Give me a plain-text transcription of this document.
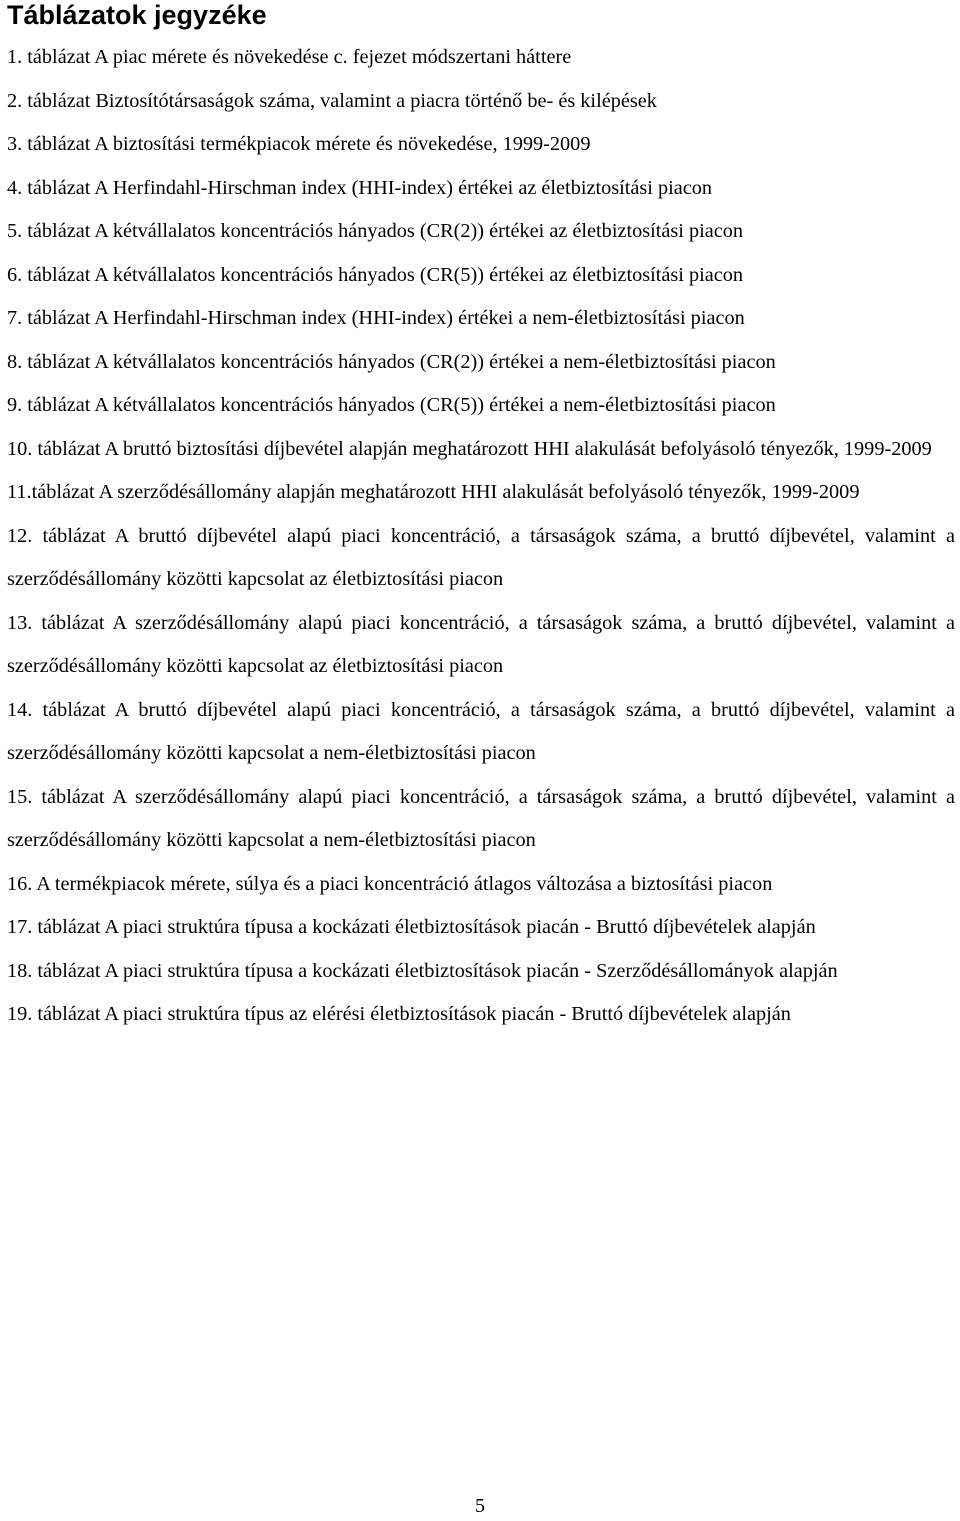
Táblázatok jegyzéke
1. táblázat A piac mérete és növekedése c. fejezet módszertani háttere
2. táblázat Biztosítótársaságok száma, valamint a piacra történő be- és kilépések
3. táblázat A biztosítási termékpiacok mérete és növekedése, 1999-2009
4. táblázat A Herfindahl-Hirschman index (HHI-index) értékei az életbiztosítási piacon
5. táblázat A kétvállalatos koncentrációs hányados (CR(2)) értékei az életbiztosítási piacon
6. táblázat A kétvállalatos koncentrációs hányados (CR(5)) értékei az életbiztosítási piacon
7. táblázat A Herfindahl-Hirschman index (HHI-index) értékei a nem-életbiztosítási piacon
8. táblázat A kétvállalatos koncentrációs hányados (CR(2)) értékei a nem-életbiztosítási piacon
9. táblázat A kétvállalatos koncentrációs hányados (CR(5)) értékei a nem-életbiztosítási piacon
10. táblázat A bruttó biztosítási díjbevétel alapján meghatározott HHI alakulását befolyásoló tényezők, 1999-2009
11.táblázat A szerződésállomány alapján meghatározott HHI alakulását befolyásoló tényezők, 1999-2009
12. táblázat A bruttó díjbevétel alapú piaci koncentráció, a társaságok száma, a bruttó díjbevétel, valamint a szerződésállomány közötti kapcsolat az életbiztosítási piacon
13. táblázat A szerződésállomány alapú piaci koncentráció, a társaságok száma, a bruttó díjbevétel, valamint a szerződésállomány közötti kapcsolat az életbiztosítási piacon
14. táblázat A bruttó díjbevétel alapú piaci koncentráció, a társaságok száma, a bruttó díjbevétel, valamint a szerződésállomány közötti kapcsolat a nem-életbiztosítási piacon
15. táblázat A szerződésállomány alapú piaci koncentráció, a társaságok száma, a bruttó díjbevétel, valamint a szerződésállomány közötti kapcsolat a nem-életbiztosítási piacon
16. A termékpiacok mérete, súlya és a piaci koncentráció átlagos változása a biztosítási piacon
17. táblázat A piaci struktúra típusa a kockázati életbiztosítások piacán - Bruttó díjbevételek alapján
18. táblázat A piaci struktúra típusa a kockázati életbiztosítások piacán - Szerződésállományok alapján
19. táblázat A piaci struktúra típus az elérési életbiztosítások piacán - Bruttó díjbevételek alapján
5
